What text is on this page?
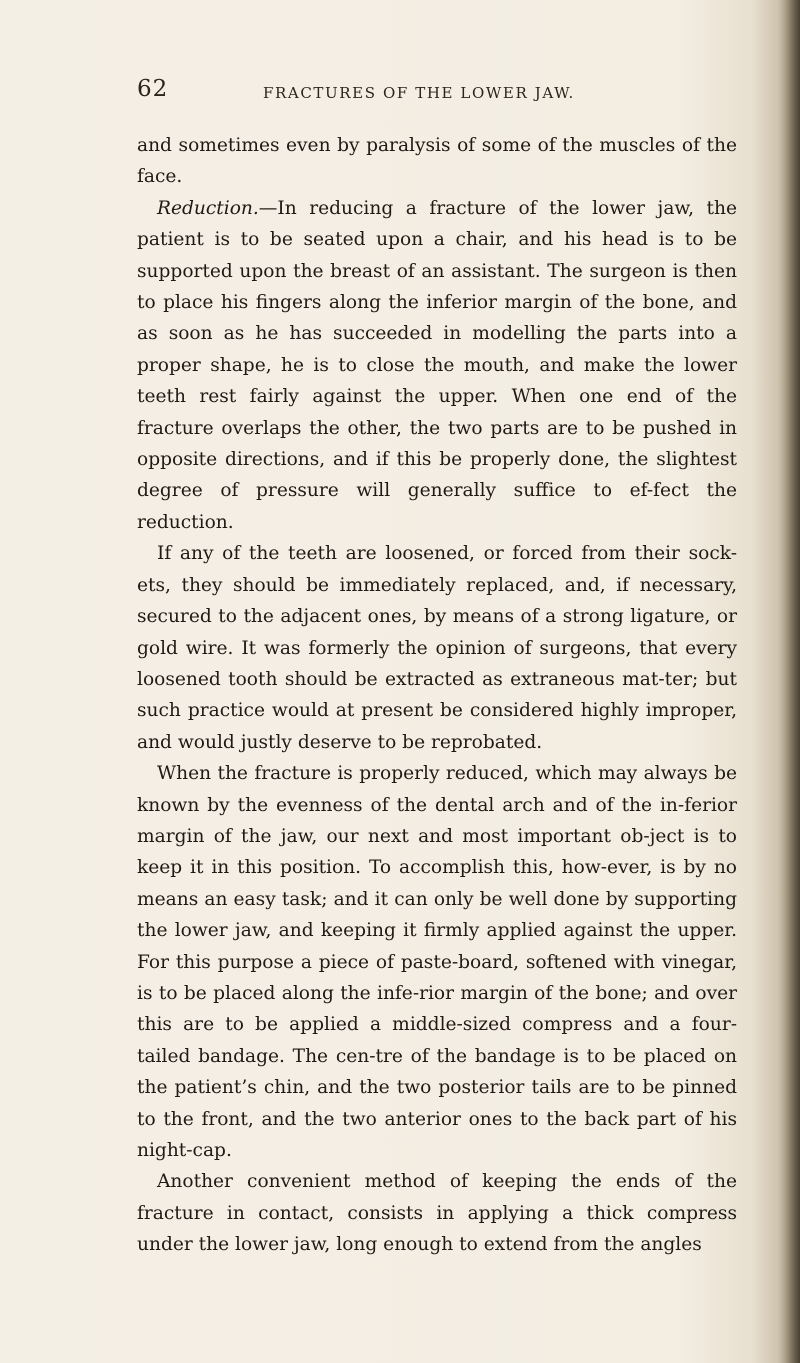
62	FRACTURES OF THE LOWER JAW.

and sometimes even by paralysis of some of the muscles of the face.

Reduction.—In reducing a fracture of the lower jaw, the patient is to be seated upon a chair, and his head is to be supported upon the breast of an assistant. The surgeon is then to place his fingers along the inferior margin of the bone, and as soon as he has succeeded in modelling the parts into a proper shape, he is to close the mouth, and make the lower teeth rest fairly against the upper. When one end of the fracture overlaps the other, the two parts are to be pushed in opposite directions, and if this be properly done, the slightest degree of pressure will generally suffice to ef-fect the reduction.

If any of the teeth are loosened, or forced from their sock-ets, they should be immediately replaced, and, if necessary, secured to the adjacent ones, by means of a strong ligature, or gold wire. It was formerly the opinion of surgeons, that every loosened tooth should be extracted as extraneous mat-ter; but such practice would at present be considered highly improper, and would justly deserve to be reprobated.

When the fracture is properly reduced, which may always be known by the evenness of the dental arch and of the in-ferior margin of the jaw, our next and most important ob-ject is to keep it in this position. To accomplish this, how-ever, is by no means an easy task; and it can only be well done by supporting the lower jaw, and keeping it firmly applied against the upper. For this purpose a piece of paste-board, softened with vinegar, is to be placed along the infe-rior margin of the bone; and over this are to be applied a middle-sized compress and a four-tailed bandage. The cen-tre of the bandage is to be placed on the patient’s chin, and the two posterior tails are to be pinned to the front, and the two anterior ones to the back part of his night-cap.

Another convenient method of keeping the ends of the fracture in contact, consists in applying a thick compress under the lower jaw, long enough to extend from the angles
